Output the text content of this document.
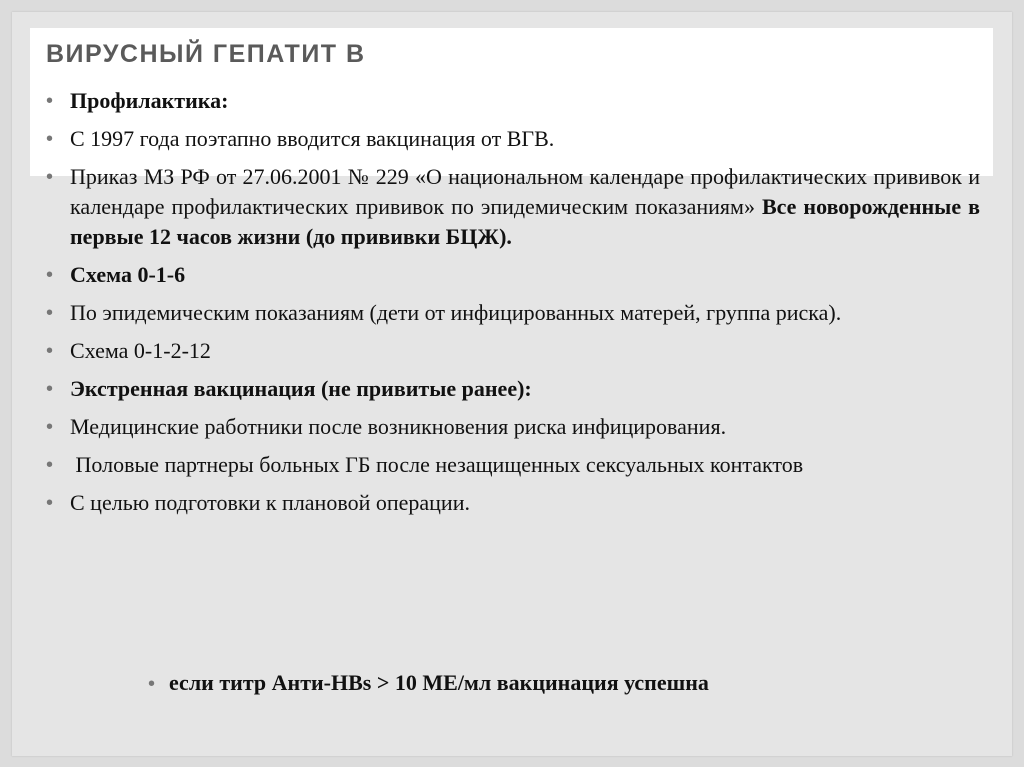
ВИРУСНЫЙ ГЕПАТИТ В
• Профилактика:
• С 1997 года поэтапно вводится вакцинация от ВГВ.
• Приказ МЗ РФ от 27.06.2001 № 229 «О национальном календаре профилактических прививок и календаре профилактических прививок по эпидемическим показаниям» Все новорожденные в первые 12 часов жизни (до прививки БЦЖ).
• Схема 0-1-6
• По эпидемическим показаниям (дети от инфицированных матерей, группа риска).
• Схема 0-1-2-12
• Экстренная вакцинация (не привитые ранее):
• Медицинские работники после возникновения риска инфицирования.
• Половые партнеры больных ГБ после незащищенных сексуальных контактов
• С целью подготовки к плановой операции.
• если титр Анти-HBs > 10 МЕ/мл вакцинация успешна
